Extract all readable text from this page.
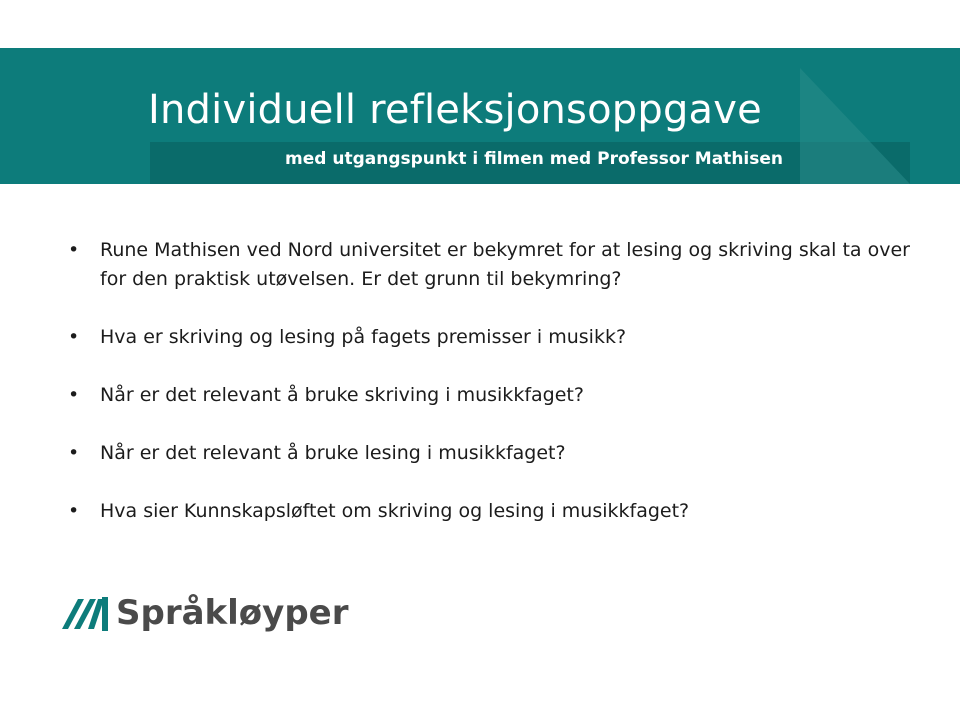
Individuell refleksjonsoppgave

med utgangspunkt i filmen med Professor Mathisen

•	Rune Mathisen ved Nord universitet er bekymret for at lesing og skriving skal ta over for den praktisk utøvelsen. Er det grunn til bekymring?
•	Hva er skriving og lesing på fagets premisser i musikk?
•	Når er det relevant å bruke skriving i musikkfaget?
•	Når er det relevant å bruke lesing i musikkfaget?
•	Hva sier Kunnskapsløftet om skriving og lesing i musikkfaget?
Språkløyper
